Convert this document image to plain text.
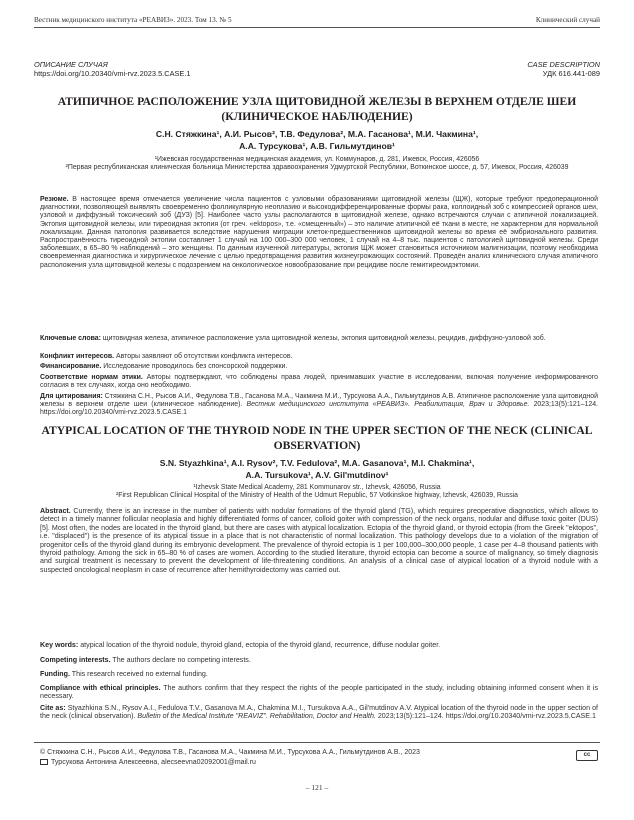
Вестник медицинского института «РЕАВИЗ». 2023. Том 13. № 5	Клинический случай
ОПИСАНИЕ СЛУЧАЯ
https://doi.org/10.20340/vmi-rvz.2023.5.CASE.1
CASE DESCRIPTION
УДК 616.441-089
АТИПИЧНОЕ РАСПОЛОЖЕНИЕ УЗЛА ЩИТОВИДНОЙ ЖЕЛЕЗЫ В ВЕРХНЕМ ОТДЕЛЕ ШЕИ (КЛИНИЧЕСКОЕ НАБЛЮДЕНИЕ)
С.Н. Стяжкина¹, А.И. Рысов², Т.В. Федулова², М.А. Гасанова¹, М.И. Чакмина¹,
А.А. Турсукова¹, А.В. Гильмутдинов¹
¹Ижевская государственная медицинская академия, ул. Коммунаров, д. 281, Ижевск, Россия, 426056
²Первая республиканская клиническая больница Министерства здравоохранения Удмуртской Республики, Воткинское шоссе, д. 57, Ижевск, Россия, 426039
Резюме. В настоящее время отмечается увеличение числа пациентов с узловыми образованиями щитовидной железы (ЩЖ), которые требуют предоперационной диагностики, позволяющей выявлять своевременно фолликулярную неоплазию и высокодифференцированные формы рака, коллоидный зоб с компрессией органов шеи, узловой и диффузный токсический зоб (ДУЗ) [5]. Наиболее часто узлы располагаются в щитовидной железе, однако встречаются случаи с атипичной локализацией. Эктопия щитовидной железы, или тиреоидная эктопия (от греч. «ektopos», т.е. «смещенный») – это наличие атипичной её ткани в месте, не характерном для нормальной локализации. Данная патология развивается вследствие нарушения миграции клеток-предшественников щитовидной железы во время её эмбрионального развития. Распространённость тиреоидной эктопии составляет 1 случай на 100 000–300 000 человек, 1 случай на 4–8 тыс. пациентов с патологией щитовидной железы. Среди заболевших, в 65–80 % наблюдений – это женщины. По данным изученной литературы, эктопия ЩЖ может становиться источником малигнизации, поэтому необходима своевременная диагностика и хирургическое лечение с целью предотвращения развития жизнеугрожающих состояний. Проведён анализ клинического случая атипичного расположения узла щитовидной железы с подозрением на онкологическое новообразование при рецидиве после гемитиреоидэктомии.
Ключевые слова: щитовидная железа, атипичное расположение узла щитовидной железы, эктопия щитовидной железы, рецидив, диффузно-узловой зоб.
Конфликт интересов. Авторы заявляют об отсутствии конфликта интересов.
Финансирование. Исследование проводилось без спонсорской поддержки.
Соответствие нормам этики. Авторы подтверждают, что соблюдены права людей, принимавших участие в исследовании, включая получение информированного согласия в тех случаях, когда оно необходимо.
Для цитирования: Стяжкина С.Н., Рысов А.И., Федулова Т.В., Гасанова М.А., Чакмина М.И., Турсукова А.А., Гильмутдинов А.В. Атипичное расположение узла щитовидной железы в верхнем отделе шеи (клиническое наблюдение). Вестник медицинского института «РЕАВИЗ». Реабилитация, Врач и Здоровье. 2023;13(5):121–124. https://doi.org/10.20340/vmi-rvz.2023.5.CASE.1
ATYPICAL LOCATION OF THE THYROID NODE IN THE UPPER SECTION OF THE NECK (CLINICAL OBSERVATION)
S.N. Styazhkina¹, A.I. Rysov², T.V. Fedulova², M.A. Gasanova¹, M.I. Chakmina¹,
A.A. Tursukova¹, A.V. Gil'mutdinov¹
¹Izhevsk State Medical Academy, 281 Kommunarov str., Izhevsk, 426056, Russia
²First Republican Clinical Hospital of the Ministry of Health of the Udmurt Republic, 57 Votkinskoe highway, Izhevsk, 426039, Russia
Abstract. Currently, there is an increase in the number of patients with nodular formations of the thyroid gland (TG), which requires preoperative diagnostics, which allows to detect in a timely manner follicular neoplasia and highly differentiated forms of cancer, colloid goiter with compression of the neck organs, nodular and diffuse toxic goiter (DUS) [5]. Most often, the nodes are located in the thyroid gland, but there are cases with atypical localization. Ectopia of the thyroid gland, or thyroid ectopia (from the Greek "ektopos", i.e. "displaced") is the presence of its atypical tissue in a place that is not characteristic of normal localization. This pathology develops due to a violation of the migration of progenitor cells of the thyroid gland during its embryonic development. The prevalence of thyroid ectopia is 1 per 100,000–300,000 people, 1 case per 4–8 thousand patients with thyroid pathology. Among the sick in 65–80 % of cases are women. According to the studied literature, thyroid ectopia can become a source of malignancy, so timely diagnosis and surgical treatment is necessary to prevent the development of life-threatening conditions. An analysis of a clinical case of atypical location of a thyroid nodule with a suspected oncological neoplasm in case of recurrence after hemithyroidectomy was carried out.
Key words: atypical location of the thyroid nodule, thyroid gland, ectopia of the thyroid gland, recurrence, diffuse nodular goiter.
Competing interests. The authors declare no competing interests.
Funding. This research received no external funding.
Compliance with ethical principles. The authors confirm that they respect the rights of the people participated in the study, including obtaining informed consent when it is necessary.
Cite as: Styazhkina S.N., Rysov A.I., Fedulova T.V., Gasanova M.A., Chakmina M.I., Tursukova A.A., Gil'mutdinov A.V. Atypical location of the thyroid node in the upper section of the neck (clinical observation). Bulletin of the Medical Institute "REAVIZ". Rehabilitation, Doctor and Health. 2023;13(5):121–124. https://doi.org/10.20340/vmi-rvz.2023.5.CASE.1
© Стяжкина С.Н., Рысов А.И., Федулова Т.В., Гасанова М.А., Чакмина М.И., Турсукова А.А., Гильмутдинов А.В., 2023
Турсукова Антонина Алексеевна, alecseevna02092001@mail.ru
cc
– 121 –
